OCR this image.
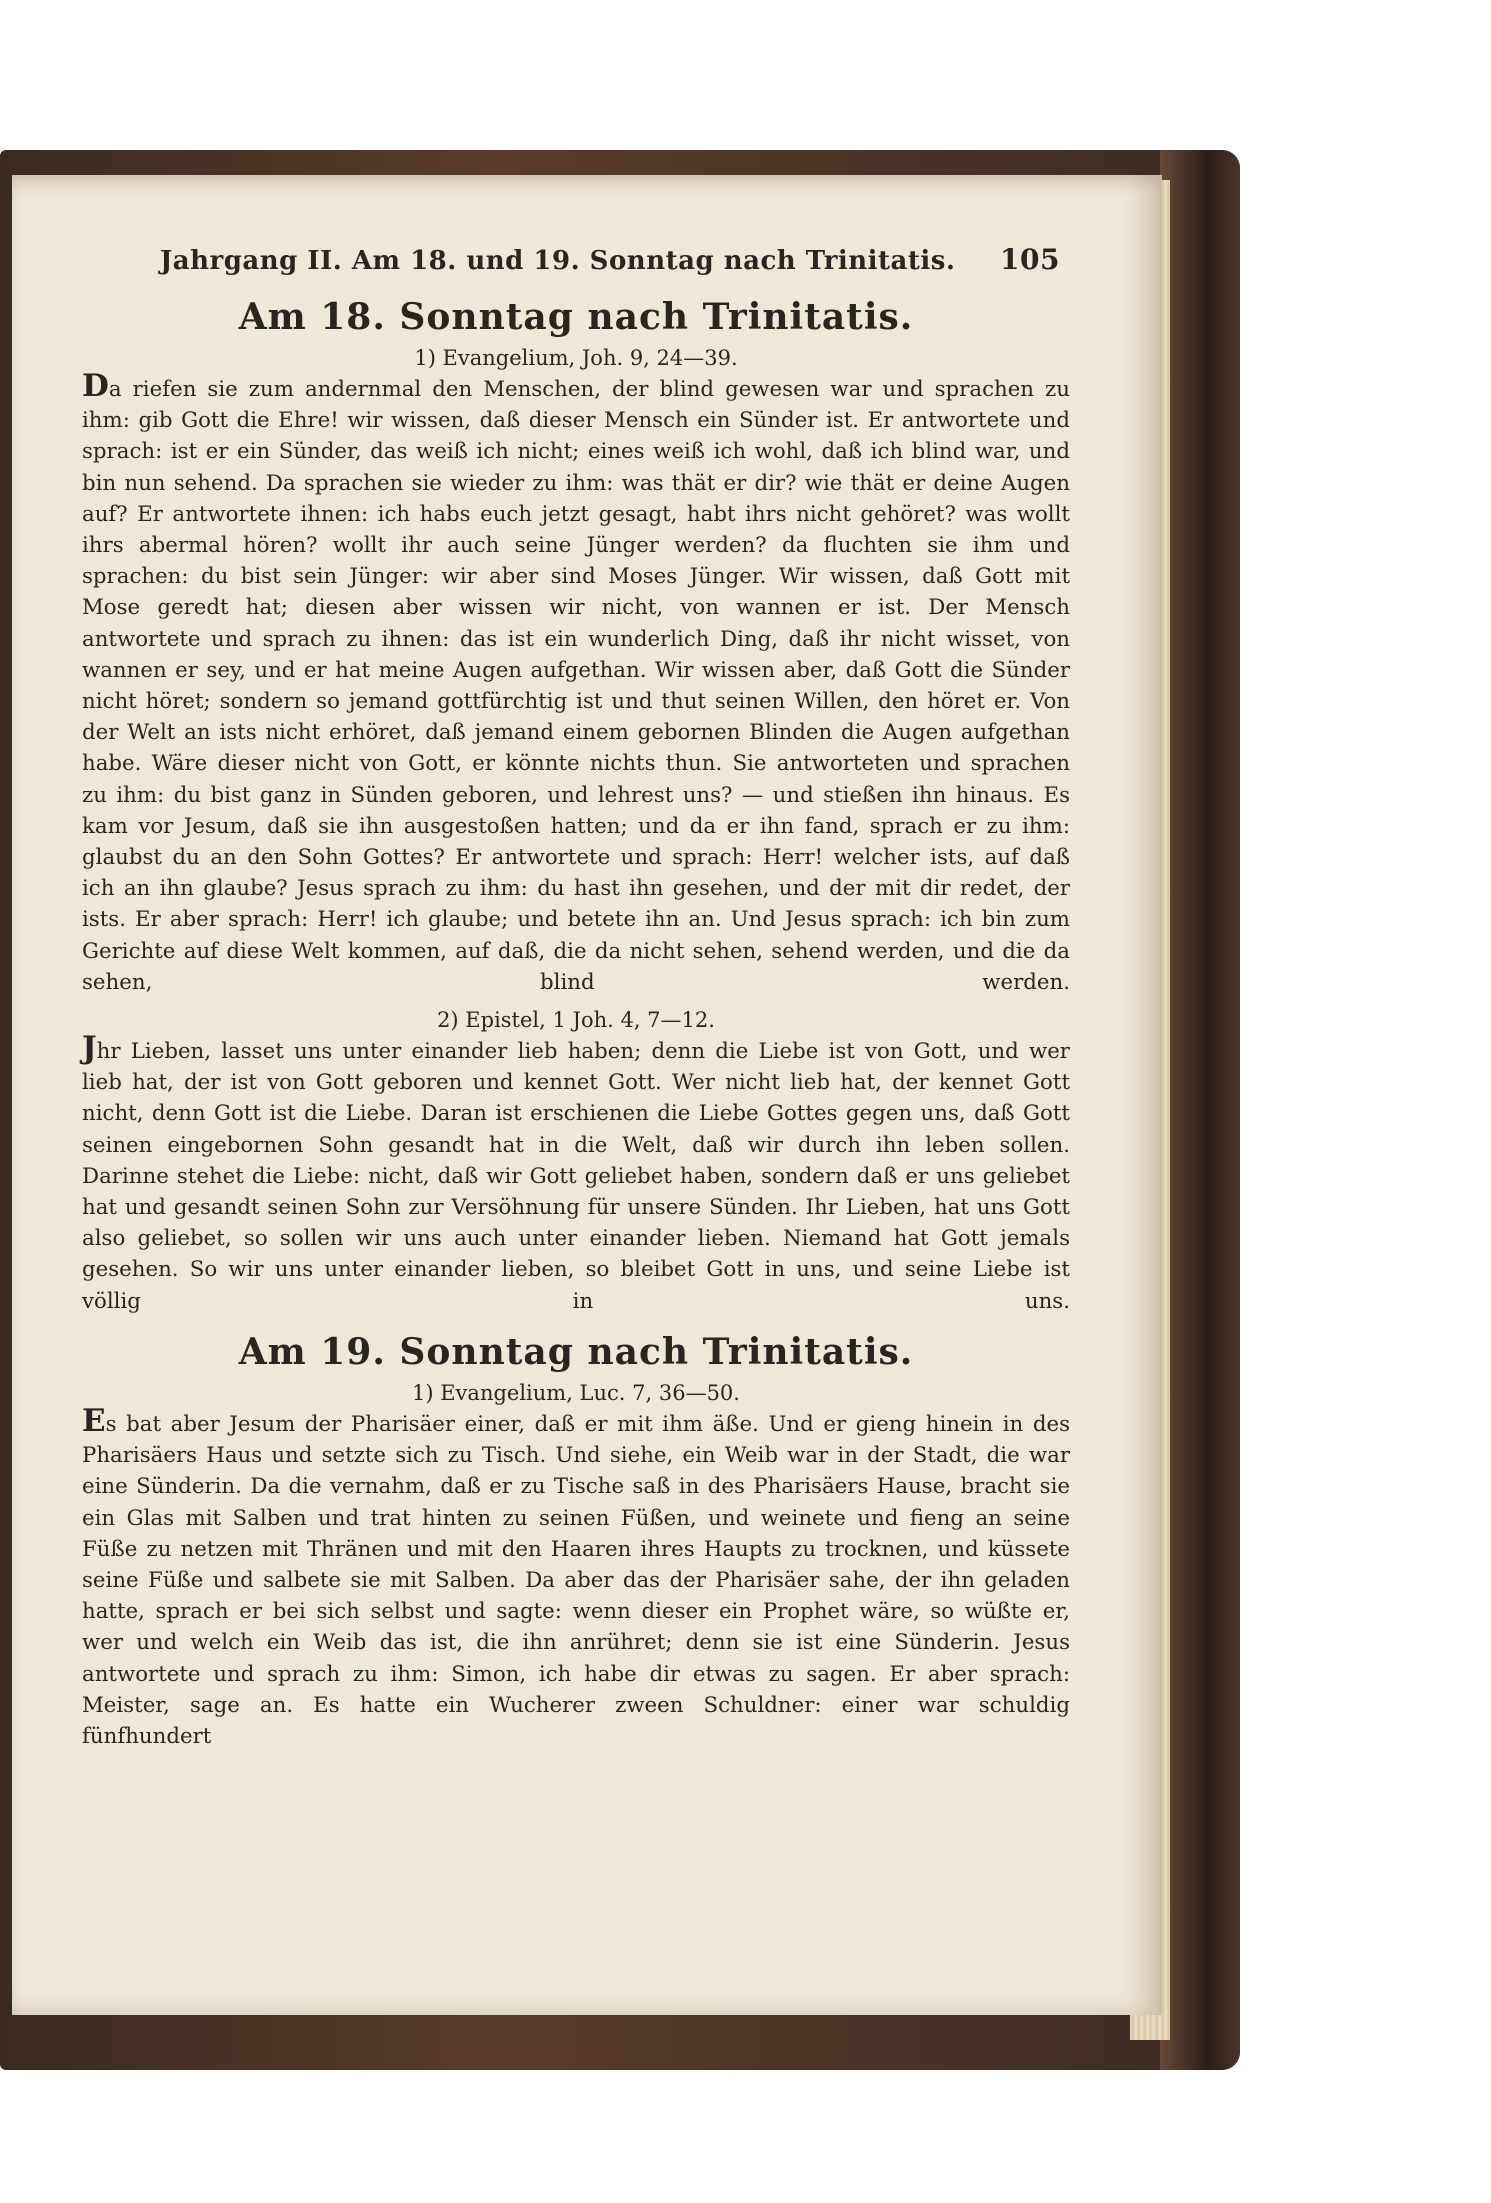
Jahrgang II. Am 18. und 19. Sonntag nach Trinitatis. 105
Am 18. Sonntag nach Trinitatis.
1) Evangelium, Joh. 9, 24—39.
Da riefen sie zum andernmal den Menschen, der blind gewesen war und sprachen zu ihm: gib Gott die Ehre! wir wissen, daß dieser Mensch ein Sünder ist. Er antwortete und sprach: ist er ein Sünder, das weiß ich nicht; eines weiß ich wohl, daß ich blind war, und bin nun sehend. Da sprachen sie wieder zu ihm: was thät er dir? wie thät er deine Augen auf? Er antwortete ihnen: ich habs euch jetzt gesagt, habt ihrs nicht gehöret? was wollt ihrs abermal hören? wollt ihr auch seine Jünger werden? da fluchten sie ihm und sprachen: du bist sein Jünger: wir aber sind Moses Jünger. Wir wissen, daß Gott mit Mose geredt hat; diesen aber wissen wir nicht, von wannen er ist. Der Mensch antwortete und sprach zu ihnen: das ist ein wunderlich Ding, daß ihr nicht wisset, von wannen er sey, und er hat meine Augen aufgethan. Wir wissen aber, daß Gott die Sünder nicht höret; sondern so jemand gottfürchtig ist und thut seinen Willen, den höret er. Von der Welt an ists nicht erhöret, daß jemand einem gebornen Blinden die Augen aufgethan habe. Wäre dieser nicht von Gott, er könnte nichts thun. Sie antworteten und sprachen zu ihm: du bist ganz in Sünden geboren, und lehrest uns? — und stießen ihn hinaus. Es kam vor Jesum, daß sie ihn ausgestoßen hatten; und da er ihn fand, sprach er zu ihm: glaubst du an den Sohn Gottes? Er antwortete und sprach: Herr! welcher ists, auf daß ich an ihn glaube? Jesus sprach zu ihm: du hast ihn gesehen, und der mit dir redet, der ists. Er aber sprach: Herr! ich glaube; und betete ihn an. Und Jesus sprach: ich bin zum Gerichte auf diese Welt kommen, auf daß, die da nicht sehen, sehend werden, und die da sehen, blind werden.
2) Epistel, 1 Joh. 4, 7—12.
Jhr Lieben, lasset uns unter einander lieb haben; denn die Liebe ist von Gott, und wer lieb hat, der ist von Gott geboren und kennet Gott. Wer nicht lieb hat, der kennet Gott nicht, denn Gott ist die Liebe. Daran ist erschienen die Liebe Gottes gegen uns, daß Gott seinen eingebornen Sohn gesandt hat in die Welt, daß wir durch ihn leben sollen. Darinne stehet die Liebe: nicht, daß wir Gott geliebet haben, sondern daß er uns geliebet hat und gesandt seinen Sohn zur Versöhnung für unsere Sünden. Ihr Lieben, hat uns Gott also geliebet, so sollen wir uns auch unter einander lieben. Niemand hat Gott jemals gesehen. So wir uns unter einander lieben, so bleibet Gott in uns, und seine Liebe ist völlig in uns.
Am 19. Sonntag nach Trinitatis.
1) Evangelium, Luc. 7, 36—50.
Es bat aber Jesum der Pharisäer einer, daß er mit ihm äße. Und er gieng hinein in des Pharisäers Haus und setzte sich zu Tisch. Und siehe, ein Weib war in der Stadt, die war eine Sünderin. Da die vernahm, daß er zu Tische saß in des Pharisäers Hause, bracht sie ein Glas mit Salben und trat hinten zu seinen Füßen, und weinete und fieng an seine Füße zu netzen mit Thränen und mit den Haaren ihres Haupts zu trocknen, und küssete seine Füße und salbete sie mit Salben. Da aber das der Pharisäer sahe, der ihn geladen hatte, sprach er bei sich selbst und sagte: wenn dieser ein Prophet wäre, so wüßte er, wer und welch ein Weib das ist, die ihn anrühret; denn sie ist eine Sünderin. Jesus antwortete und sprach zu ihm: Simon, ich habe dir etwas zu sagen. Er aber sprach: Meister, sage an. Es hatte ein Wucherer zween Schuldner: einer war schuldig fünfhundert
